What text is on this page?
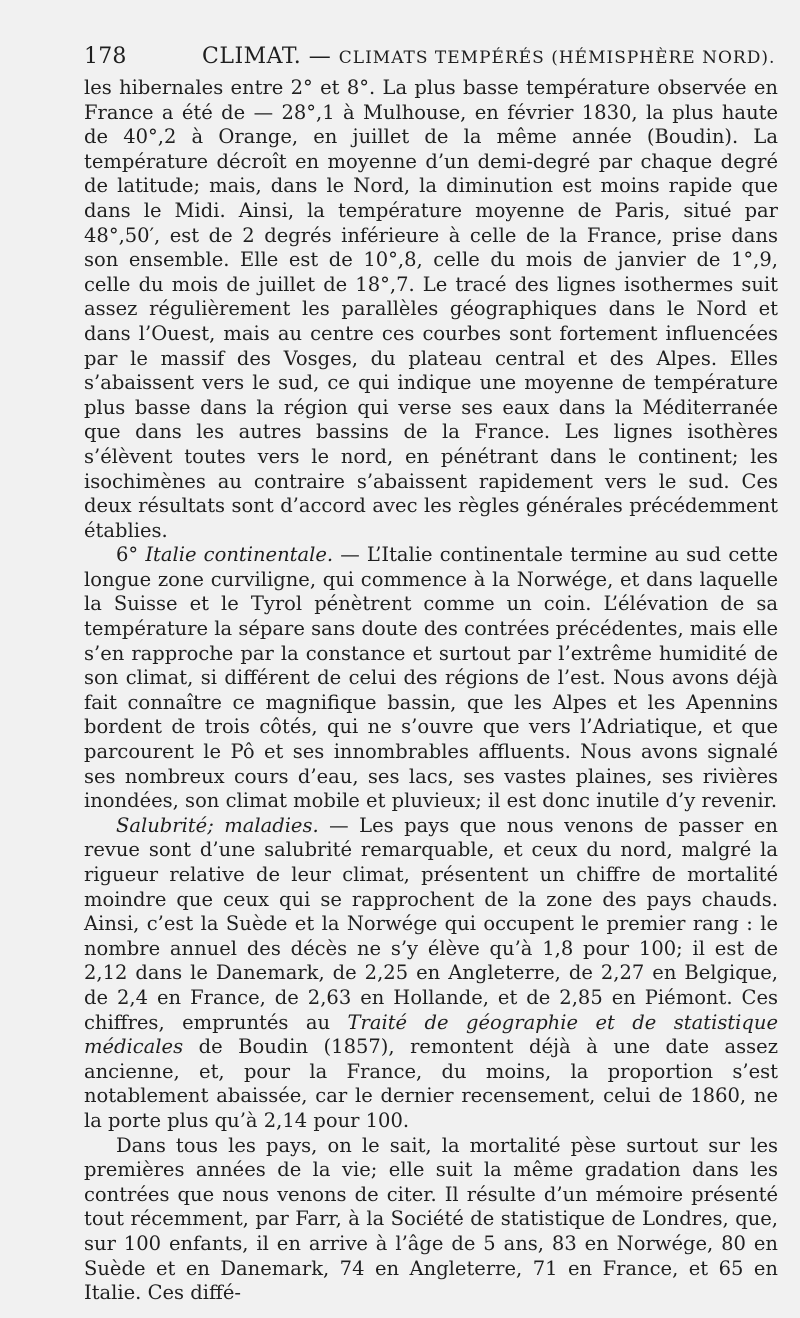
178	CLIMAT. — CLIMATS TEMPÉRÉS (HÉMISPHÈRE NORD).

les hibernales entre 2° et 8°. La plus basse température observée en France a été de — 28°,1 à Mulhouse, en février 1830, la plus haute de 40°,2 à Orange, en juillet de la même année (Boudin). La température décroît en moyenne d’un demi-degré par chaque degré de latitude; mais, dans le Nord, la diminution est moins rapide que dans le Midi. Ainsi, la température moyenne de Paris, situé par 48°,50′, est de 2 degrés inférieure à celle de la France, prise dans son ensemble. Elle est de 10°,8, celle du mois de janvier de 1°,9, celle du mois de juillet de 18°,7. Le tracé des lignes isothermes suit assez régulièrement les parallèles géographiques dans le Nord et dans l’Ouest, mais au centre ces courbes sont fortement influencées par le massif des Vosges, du plateau central et des Alpes. Elles s’abaissent vers le sud, ce qui indique une moyenne de température plus basse dans la région qui verse ses eaux dans la Méditerranée que dans les autres bassins de la France. Les lignes isothères s’élèvent toutes vers le nord, en pénétrant dans le continent; les isochimènes au contraire s’abaissent rapidement vers le sud. Ces deux résultats sont d’accord avec les règles générales précédemment établies.

6° Italie continentale. — L’Italie continentale termine au sud cette longue zone curviligne, qui commence à la Norwége, et dans laquelle la Suisse et le Tyrol pénètrent comme un coin. L’élévation de sa température la sépare sans doute des contrées précédentes, mais elle s’en rapproche par la constance et surtout par l’extrême humidité de son climat, si différent de celui des régions de l’est. Nous avons déjà fait connaître ce magnifique bassin, que les Alpes et les Apennins bordent de trois côtés, qui ne s’ouvre que vers l’Adriatique, et que parcourent le Pô et ses innombrables affluents. Nous avons signalé ses nombreux cours d’eau, ses lacs, ses vastes plaines, ses rivières inondées, son climat mobile et pluvieux; il est donc inutile d’y revenir.

Salubrité; maladies. — Les pays que nous venons de passer en revue sont d’une salubrité remarquable, et ceux du nord, malgré la rigueur relative de leur climat, présentent un chiffre de mortalité moindre que ceux qui se rapprochent de la zone des pays chauds. Ainsi, c’est la Suède et la Norwége qui occupent le premier rang : le nombre annuel des décès ne s’y élève qu’à 1,8 pour 100; il est de 2,12 dans le Danemark, de 2,25 en Angleterre, de 2,27 en Belgique, de 2,4 en France, de 2,63 en Hollande, et de 2,85 en Piémont. Ces chiffres, empruntés au Traité de géographie et de statistique médicales de Boudin (1857), remontent déjà à une date assez ancienne, et, pour la France, du moins, la proportion s’est notablement abaissée, car le dernier recensement, celui de 1860, ne la porte plus qu’à 2,14 pour 100.

Dans tous les pays, on le sait, la mortalité pèse surtout sur les premières années de la vie; elle suit la même gradation dans les contrées que nous venons de citer. Il résulte d’un mémoire présenté tout récemment, par Farr, à la Société de statistique de Londres, que, sur 100 enfants, il en arrive à l’âge de 5 ans, 83 en Norwége, 80 en Suède et en Danemark, 74 en Angleterre, 71 en France, et 65 en Italie. Ces diffé-
